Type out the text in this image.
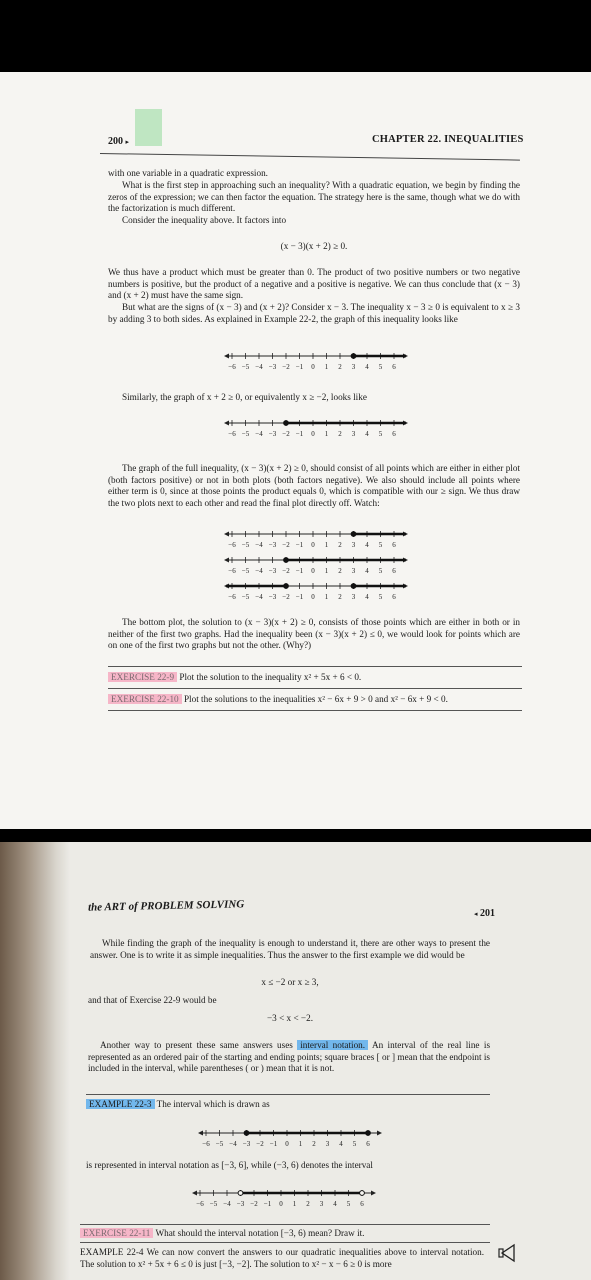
200 ▸	CHAPTER 22. INEQUALITIES
with one variable in a quadratic expression.
What is the first step in approaching such an inequality? With a quadratic equation, we begin by finding the zeros of the expression; we can then factor the equation. The strategy here is the same, though what we do with the factorization is much different.
Consider the inequality above. It factors into
(x − 3)(x + 2) ≥ 0.
We thus have a product which must be greater than 0. The product of two positive numbers or two negative numbers is positive, but the product of a negative and a positive is negative. We can thus conclude that (x − 3) and (x + 2) must have the same sign.
But what are the signs of (x − 3) and (x + 2)? Consider x − 3. The inequality x − 3 ≥ 0 is equivalent to x ≥ 3 by adding 3 to both sides. As explained in Example 22-2, the graph of this inequality looks like
−6 −5 −4 −3 −2 −1 0 1 2 3 4 5 6
Similarly, the graph of x + 2 ≥ 0, or equivalently x ≥ −2, looks like
−6 −5 −4 −3 −2 −1 0 1 2 3 4 5 6
The graph of the full inequality, (x − 3)(x + 2) ≥ 0, should consist of all points which are either in either plot (both factors positive) or not in both plots (both factors negative). We also should include all points where either term is 0, since at those points the product equals 0, which is compatible with our ≥ sign. We thus draw the two plots next to each other and read the final plot directly off. Watch:
−6 −5 −4 −3 −2 −1 0 1 2 3 4 5 6
−6 −5 −4 −3 −2 −1 0 1 2 3 4 5 6
−6 −5 −4 −3 −2 −1 0 1 2 3 4 5 6
The bottom plot, the solution to (x − 3)(x + 2) ≥ 0, consists of those points which are either in both or in neither of the first two graphs. Had the inequality been (x − 3)(x + 2) ≤ 0, we would look for points which are on one of the first two graphs but not the other. (Why?)
EXERCISE 22-9 Plot the solution to the inequality x² + 5x + 6 < 0.
EXERCISE 22-10 Plot the solutions to the inequalities x² − 6x + 9 > 0 and x² − 6x + 9 < 0.
the ART of PROBLEM SOLVING
◂ 201
While finding the graph of the inequality is enough to understand it, there are other ways to present the answer. One is to write it as simple inequalities. Thus the answer to the first example we did would be
x ≤ −2 or x ≥ 3,
and that of Exercise 22-9 would be
−3 < x < −2.
Another way to present these same answers uses interval notation. An interval of the real line is represented as an ordered pair of the starting and ending points; square braces [ or ] mean that the endpoint is included in the interval, while parentheses ( or ) mean that it is not.
EXAMPLE 22-3 The interval which is drawn as
−6 −5 −4 −3 −2 −1 0 1 2 3 4 5 6
is represented in interval notation as [−3, 6], while (−3, 6) denotes the interval
−6 −5 −4 −3 −2 −1 0 1 2 3 4 5 6
EXERCISE 22-11 What should the interval notation [−3, 6) mean? Draw it.
EXAMPLE 22-4 We can now convert the answers to our quadratic inequalities above to interval notation. The solution to x² + 5x + 6 ≤ 0 is just [−3, −2]. The solution to x² − x − 6 ≥ 0 is more
